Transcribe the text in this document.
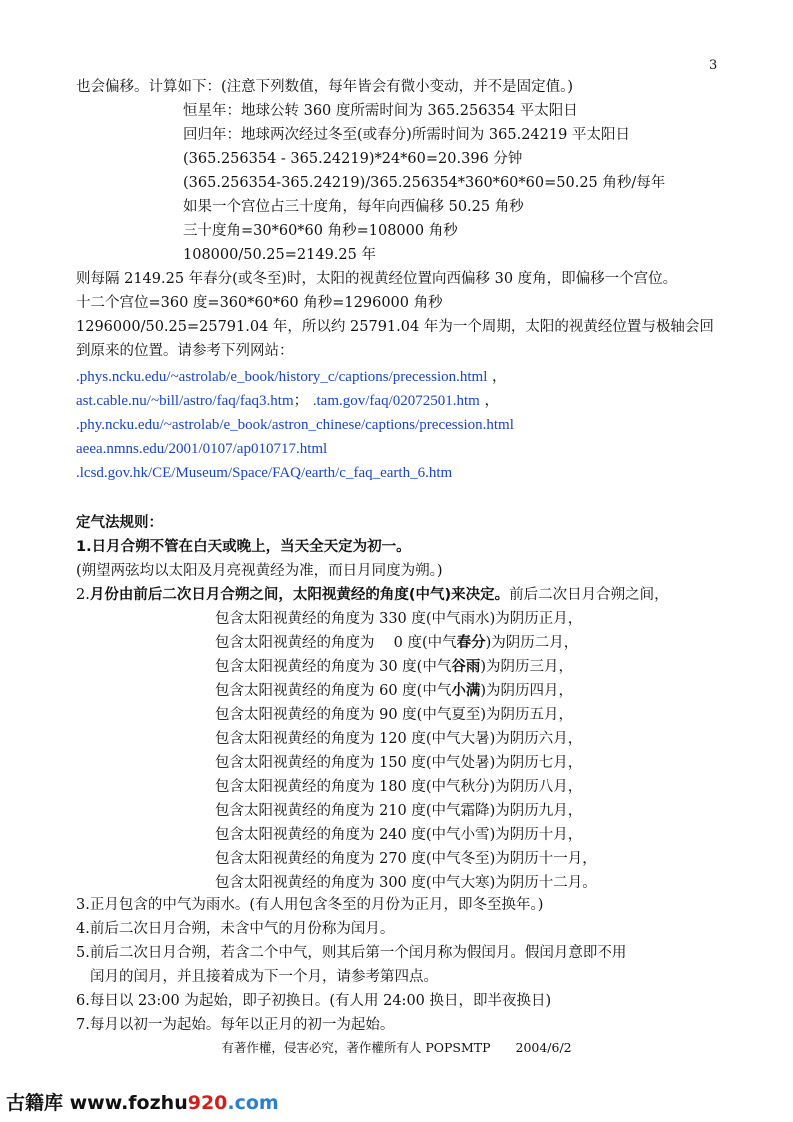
3
也会偏移。计算如下：(注意下列数值，每年皆会有微小变动，并不是固定值。)
恒星年：地球公转 360 度所需时间为 365.256354 平太阳日
回归年：地球两次经过冬至(或春分)所需时间为 365.24219 平太阳日
(365.256354 - 365.24219)*24*60=20.396 分钟
(365.256354-365.24219)/365.256354*360*60*60=50.25 角秒/每年
如果一个宫位占三十度角，每年向西偏移 50.25 角秒
三十度角=30*60*60 角秒=108000 角秒
108000/50.25=2149.25 年
则每隔 2149.25 年春分(或冬至)时，太阳的视黄经位置向西偏移 30 度角，即偏移一个宫位。
十二个宫位=360 度=360*60*60 角秒=1296000 角秒
1296000/50.25=25791.04 年，所以约 25791.04 年为一个周期，太阳的视黄经位置与极轴会回
到原来的位置。请参考下列网站：
.phys.ncku.edu/~astrolab/e_book/history_c/captions/precession.html ，
ast.cable.nu/~bill/astro/faq/faq3.htm； .tam.gov/faq/02072501.htm ，
.phy.ncku.edu/~astrolab/e_book/astron_chinese/captions/precession.html
aeea.nmns.edu/2001/0107/ap010717.html
.lcsd.gov.hk/CE/Museum/Space/FAQ/earth/c_faq_earth_6.htm
定气法规则：
1.日月合朔不管在白天或晚上，当天全天定为初一。
(朔望两弦均以太阳及月亮视黄经为准，而日月同度为朔。)
2.月份由前后二次日月合朔之间，太阳视黄经的角度(中气)来决定。前后二次日月合朔之间，
包含太阳视黄经的角度为 330 度(中气雨水)为阴历正月，
包含太阳视黄经的角度为 　0 度(中气春分)为阴历二月，
包含太阳视黄经的角度为 30 度(中气谷雨)为阴历三月，
包含太阳视黄经的角度为 60 度(中气小满)为阴历四月，
包含太阳视黄经的角度为 90 度(中气夏至)为阴历五月，
包含太阳视黄经的角度为 120 度(中气大暑)为阴历六月，
包含太阳视黄经的角度为 150 度(中气处暑)为阴历七月，
包含太阳视黄经的角度为 180 度(中气秋分)为阴历八月，
包含太阳视黄经的角度为 210 度(中气霜降)为阴历九月，
包含太阳视黄经的角度为 240 度(中气小雪)为阴历十月，
包含太阳视黄经的角度为 270 度(中气冬至)为阴历十一月，
包含太阳视黄经的角度为 300 度(中气大寒)为阴历十二月。
3.正月包含的中气为雨水。(有人用包含冬至的月份为正月，即冬至换年。)
4.前后二次日月合朔，未含中气的月份称为闰月。
5.前后二次日月合朔，若含二个中气，则其后第一个闰月称为假闰月。假闰月意即不用
闰月的闰月，并且接着成为下一个月，请参考第四点。
6.每日以 23:00 为起始，即子初换日。(有人用 24:00 换日，即半夜换日)
7.每月以初一为起始。每年以正月的初一为起始。
有著作權，侵害必究，著作權所有人 POPSMTP　　2004/6/2
古籍库 www.fozhu920.com
